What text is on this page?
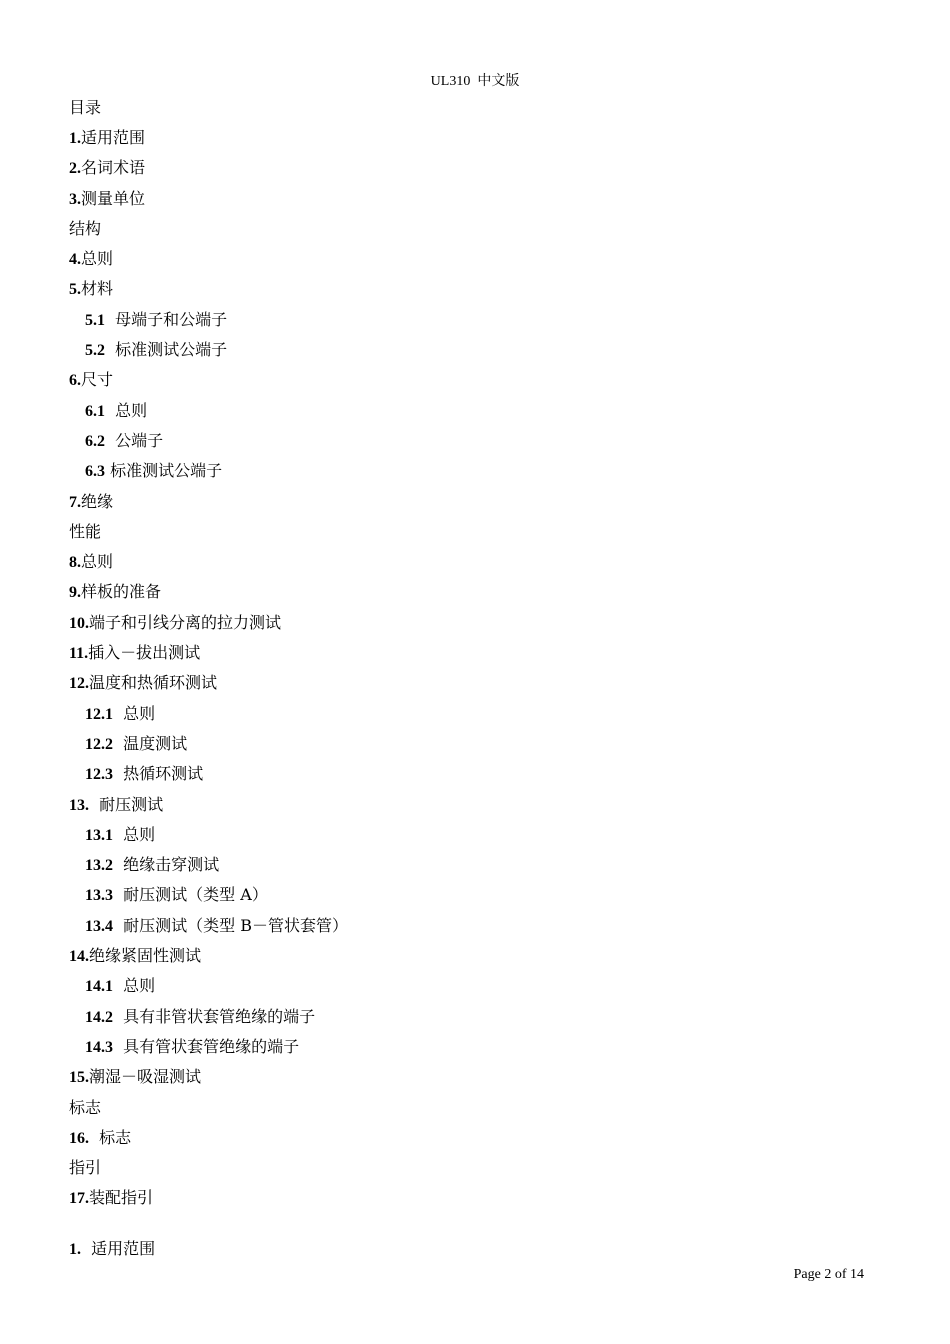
UL310  中文版
目录
1.适用范围
2.名词术语
3.测量单位
结构
4.总则
5.材料
5.1  母端子和公端子
5.2  标准测试公端子
6.尺寸
6.1  总则
6.2  公端子
6.3 标准测试公端子
7.绝缘
性能
8.总则
9.样板的准备
10.端子和引线分离的拉力测试
11.插入－拔出测试
12.温度和热循环测试
12.1  总则
12.2  温度测试
12.3  热循环测试
13.  耐压测试
13.1  总则
13.2  绝缘击穿测试
13.3  耐压测试（类型 A）
13.4  耐压测试（类型 B－管状套管）
14.绝缘紧固性测试
14.1  总则
14.2  具有非管状套管绝缘的端子
14.3  具有管状套管绝缘的端子
15.潮湿－吸湿测试
标志
16.  标志
指引
17.装配指引
1.  适用范围
Page 2 of 14
